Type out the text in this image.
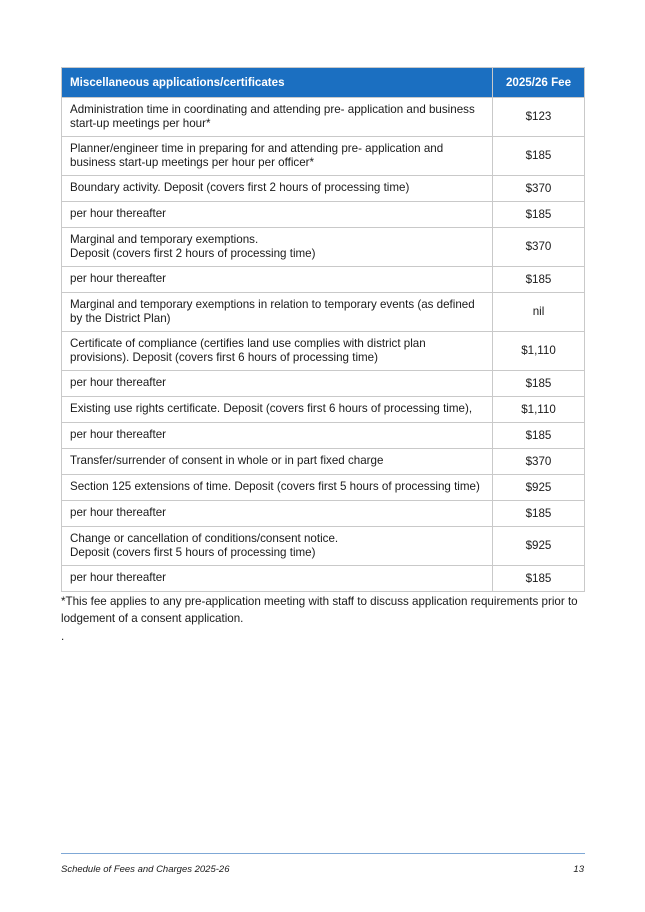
Miscellaneous applications/certificates	2025/26 Fee
Administration time in coordinating and attending pre- application and business
start-up meetings per hour*	$123
Planner/engineer time in preparing for and attending pre- application and
business start-up meetings per hour per officer*	$185
Boundary activity. Deposit (covers first 2 hours of processing time)	$370
per hour thereafter	$185
Marginal and temporary exemptions.
Deposit (covers first 2 hours of processing time)	$370
per hour thereafter	$185
Marginal and temporary exemptions in relation to temporary events (as defined
by the District Plan)	nil
Certificate of compliance (certifies land use complies with district plan
provisions). Deposit (covers first 6 hours of processing time)	$1,110
per hour thereafter	$185
Existing use rights certificate. Deposit (covers first 6 hours of processing time),	$1,110
per hour thereafter	$185
Transfer/surrender of consent in whole or in part fixed charge	$370
Section 125 extensions of time. Deposit (covers first 5 hours of processing time)	$925
per hour thereafter	$185
Change or cancellation of conditions/consent notice.
Deposit (covers first 5 hours of processing time)	$925
per hour thereafter	$185

*This fee applies to any pre-application meeting with staff to discuss application requirements prior to lodgement of a consent application.

.

Schedule of Fees and Charges 2025-26	13
